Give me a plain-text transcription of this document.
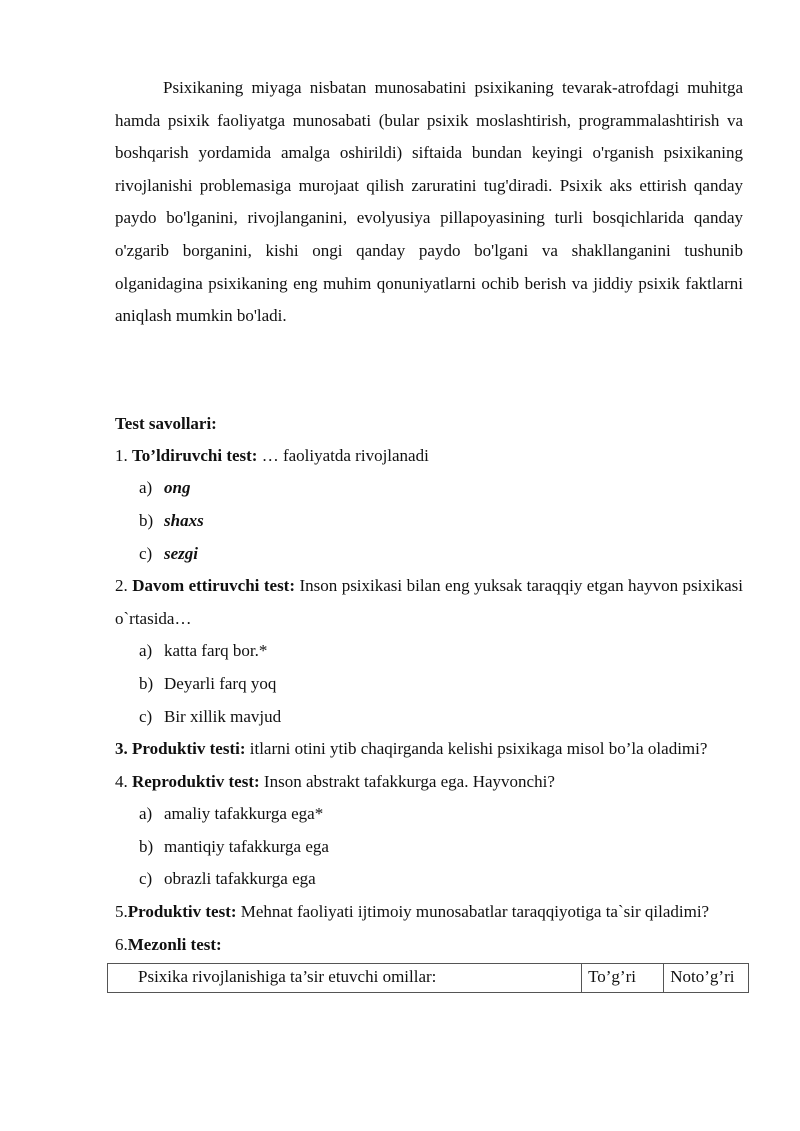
Psixikaning miyaga nisbatan munosabatini psixikaning tevarak-atrofdagi muhitga hamda psixik faoliyatga munosabati (bular psixik moslashtirish, programmalashtirish va boshqarish yordamida amalga oshirildi) siftaida bundan keyingi o'rganish psixikaning rivojlanishi problemasiga murojaat qilish zaruratini tug'diradi. Psixik aks ettirish qanday paydo bo'lganini, rivojlanganini, evolyusiya pillapoyasining turli bosqichlarida qanday o'zgarib borganini, kishi ongi qanday paydo bo'lgani va shakllanganini tushunib olganidagina psixikaning eng muhim qonuniyatlarni ochib berish va jiddiy psixik faktlarni aniqlash mumkin bo'ladi.

Test savollari:

1. To’ldiruvchi test: … faoliyatda rivojlanadi

a) ong

b) shaxs

c) sezgi

2. Davom ettiruvchi test: Inson psixikasi bilan eng yuksak taraqqiy etgan hayvon psixikasi o`rtasida…

a) katta farq bor.*

b) Deyarli farq yoq

c) Bir xillik mavjud

3. Produktiv testi: itlarni otini ytib chaqirganda kelishi psixikaga misol bo’la oladimi?

4. Reproduktiv test: Inson abstrakt tafakkurga ega. Hayvonchi?

a) amaliy tafakkurga ega*

b) mantiqiy tafakkurga ega

c) obrazli tafakkurga ega

5.Produktiv test: Mehnat faoliyati ijtimoiy munosabatlar taraqqiyotiga ta`sir qiladimi?

6.Mezonli test:

Psixika rivojlanishiga ta’sir etuvchi omillar:	To’g’ri	Noto’g’ri
